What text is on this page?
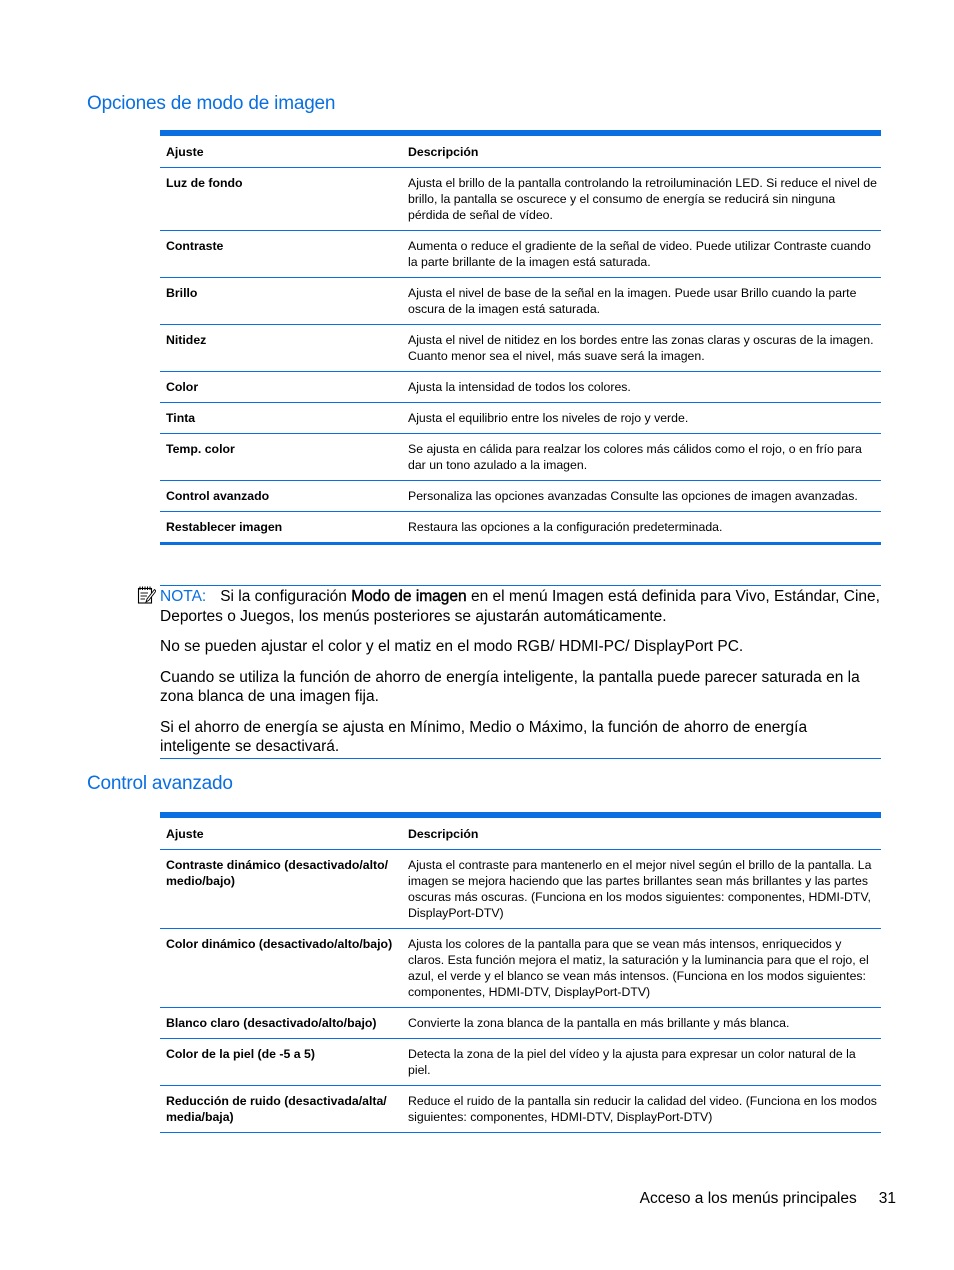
Opciones de modo de imagen
Ajuste	Descripción
Luz de fondo	Ajusta el brillo de la pantalla controlando la retroiluminación LED. Si reduce el nivel de brillo, la pantalla se oscurece y el consumo de energía se reducirá sin ninguna pérdida de señal de vídeo.
Contraste	Aumenta o reduce el gradiente de la señal de video. Puede utilizar Contraste cuando la parte brillante de la imagen está saturada.
Brillo	Ajusta el nivel de base de la señal en la imagen. Puede usar Brillo cuando la parte oscura de la imagen está saturada.
Nitidez	Ajusta el nivel de nitidez en los bordes entre las zonas claras y oscuras de la imagen. Cuanto menor sea el nivel, más suave será la imagen.
Color	Ajusta la intensidad de todos los colores.
Tinta	Ajusta el equilibrio entre los niveles de rojo y verde.
Temp. color	Se ajusta en cálida para realzar los colores más cálidos como el rojo, o en frío para dar un tono azulado a la imagen.
Control avanzado	Personaliza las opciones avanzadas Consulte las opciones de imagen avanzadas.
Restablecer imagen	Restaura las opciones a la configuración predeterminada.

NOTA: Si la configuración Modo de imagen en el menú Imagen está definida para Vivo, Estándar, Cine, Deportes o Juegos, los menús posteriores se ajustarán automáticamente.

No se pueden ajustar el color y el matiz en el modo RGB/ HDMI-PC/ DisplayPort PC.

Cuando se utiliza la función de ahorro de energía inteligente, la pantalla puede parecer saturada en la zona blanca de una imagen fija.

Si el ahorro de energía se ajusta en Mínimo, Medio o Máximo, la función de ahorro de energía inteligente se desactivará.

Control avanzado
Ajuste	Descripción
Contraste dinámico (desactivado/alto/ medio/bajo)	Ajusta el contraste para mantenerlo en el mejor nivel según el brillo de la pantalla. La imagen se mejora haciendo que las partes brillantes sean más brillantes y las partes oscuras más oscuras. (Funciona en los modos siguientes: componentes, HDMI-DTV, DisplayPort-DTV)
Color dinámico (desactivado/alto/bajo)	Ajusta los colores de la pantalla para que se vean más intensos, enriquecidos y claros. Esta función mejora el matiz, la saturación y la luminancia para que el rojo, el azul, el verde y el blanco se vean más intensos. (Funciona en los modos siguientes: componentes, HDMI-DTV, DisplayPort-DTV)
Blanco claro (desactivado/alto/bajo)	Convierte la zona blanca de la pantalla en más brillante y más blanca.
Color de la piel (de -5 a 5)	Detecta la zona de la piel del vídeo y la ajusta para expresar un color natural de la piel.
Reducción de ruido (desactivada/alta/ media/baja)	Reduce el ruido de la pantalla sin reducir la calidad del video. (Funciona en los modos siguientes: componentes, HDMI-DTV, DisplayPort-DTV)
Acceso a los menús principales 31
